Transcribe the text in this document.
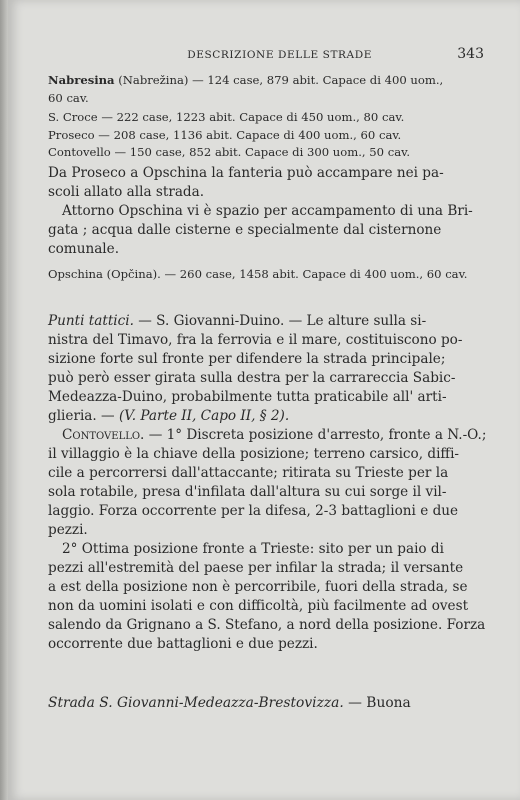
DESCRIZIONE DELLE STRADE	343
Nabresina (Nabrežina) — 124 case, 879 abit. Capace di 400 uom.,
60 cav.
S. Croce — 222 case, 1223 abit. Capace di 450 uom., 80 cav.
Proseco — 208 case, 1136 abit. Capace di 400 uom., 60 cav.
Contovello — 150 case, 852 abit. Capace di 300 uom., 50 cav.
Da Proseco a Opschina la fanteria può accampare nei pa-
scoli allato alla strada.
Attorno Opschina vi è spazio per accampamento di una Bri-
gata ; acqua dalle cisterne e specialmente dal cisternone
comunale.
Opschina (Opčina). — 260 case, 1458 abit. Capace di 400 uom., 60 cav.
Punti tattici. — S. Giovanni-Duino. — Le alture sulla si-
nistra del Timavo, fra la ferrovia e il mare, costituiscono po-
sizione forte sul fronte per difendere la strada principale;
può però esser girata sulla destra per la carrareccia Sabic-
Medeazza-Duino, probabilmente tutta praticabile all' arti-
glieria. — (V. Parte II, Capo II, § 2).
Contovello. — 1° Discreta posizione d'arresto, fronte a N.-O.;
il villaggio è la chiave della posizione; terreno carsico, diffi-
cile a percorrersi dall'attaccante; ritirata su Trieste per la
sola rotabile, presa d'infilata dall'altura su cui sorge il vil-
laggio. Forza occorrente per la difesa, 2-3 battaglioni e due
pezzi.
2° Ottima posizione fronte a Trieste: sito per un paio di
pezzi all'estremità del paese per infilar la strada; il versante
a est della posizione non è percorribile, fuori della strada, se
non da uomini isolati e con difficoltà, più facilmente ad ovest
salendo da Grignano a S. Stefano, a nord della posizione. Forza
occorrente due battaglioni e due pezzi.
Strada S. Giovanni-Medeazza-Brestovizza. — Buona
